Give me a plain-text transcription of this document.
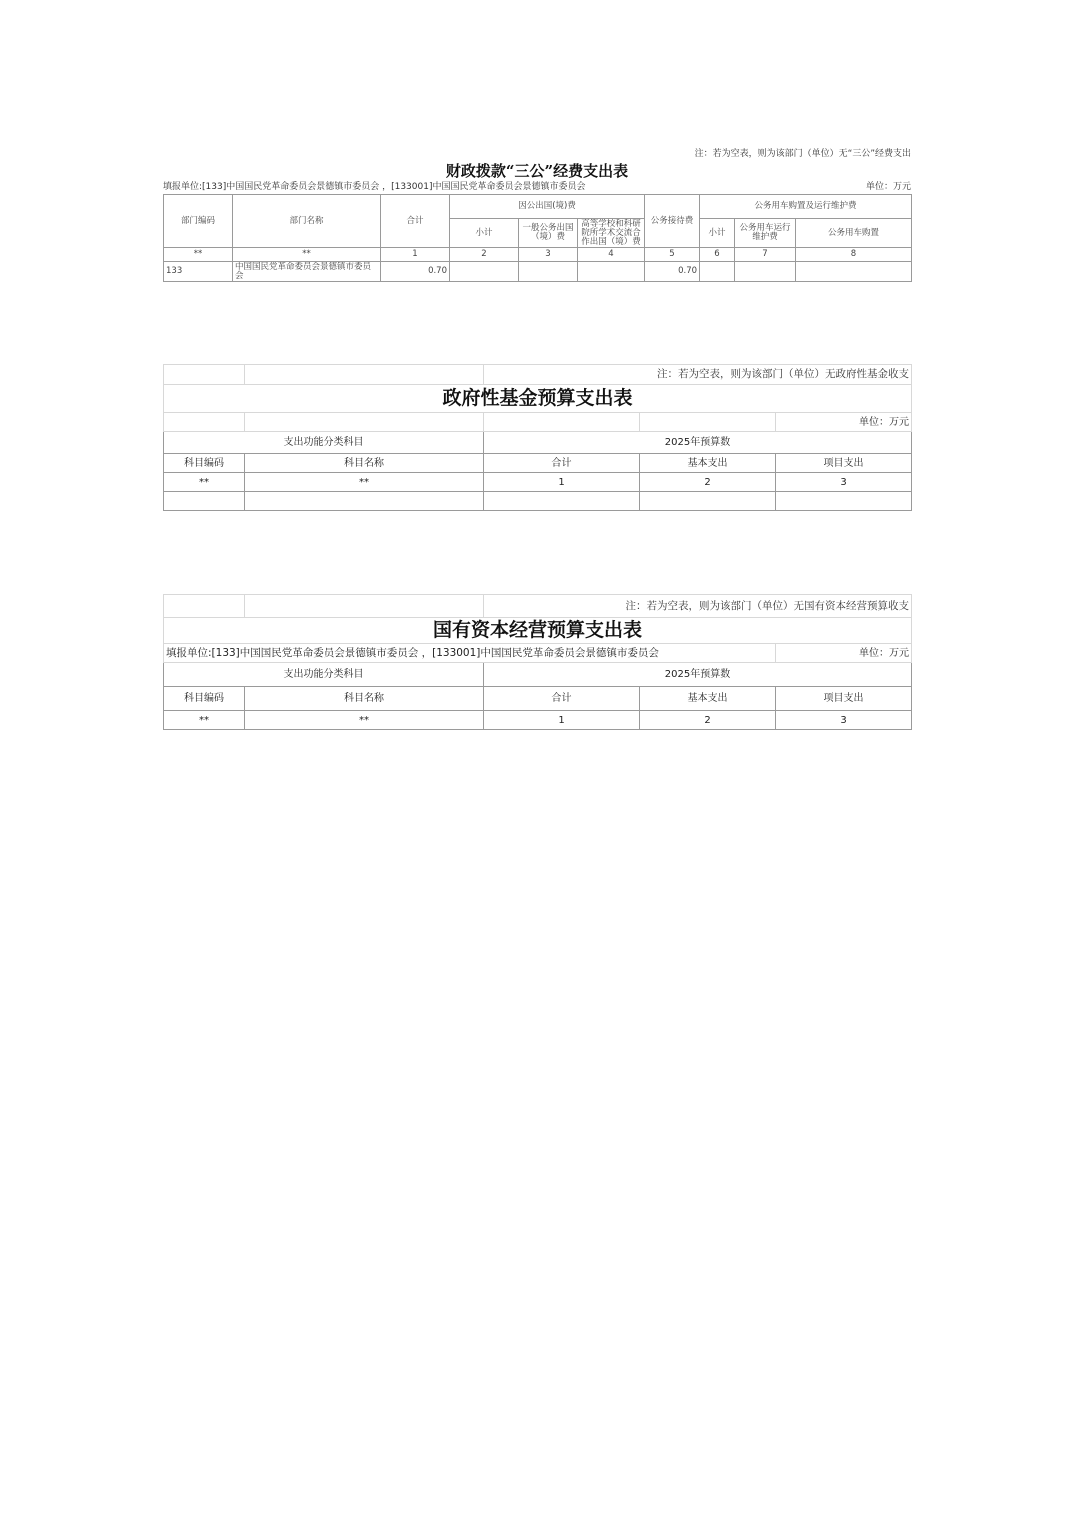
注：若为空表，则为该部门（单位）无“三公”经费支出
财政拨款“三公”经费支出表
填报单位:[133]中国国民党革命委员会景德镇市委员会 ，[133001]中国国民党革命委员会景德镇市委员会	单位：万元
部门编码	部门名称	合计	因公出国(境)费			公务接待费	公务用车购置及运行维护费		
			小计	一般公务出国（境）费	高等学校和科研院所学术交流合作出国（境）费		小计	公务用车运行维护费	公务用车购置
**	**	1	2	3	4	5	6	7	8
133	中国国民党革命委员会景德镇市委员会	0.70				0.70			
		注：若为空表，则为该部门（单位）无政府性基金收支		
政府性基金预算支出表				
				单位：万元
支出功能分类科目		2025年预算数		
科目编码	科目名称	合计	基本支出	项目支出
**	**	1	2	3

		注：若为空表，则为该部门（单位）无国有资本经营预算收支		
国有资本经营预算支出表				
填报单位:[133]中国国民党革命委员会景德镇市委员会 ，[133001]中国国民党革命委员会景德镇市委员会				单位：万元
支出功能分类科目		2025年预算数		
科目编码	科目名称	合计	基本支出	项目支出
**	**	1	2	3
